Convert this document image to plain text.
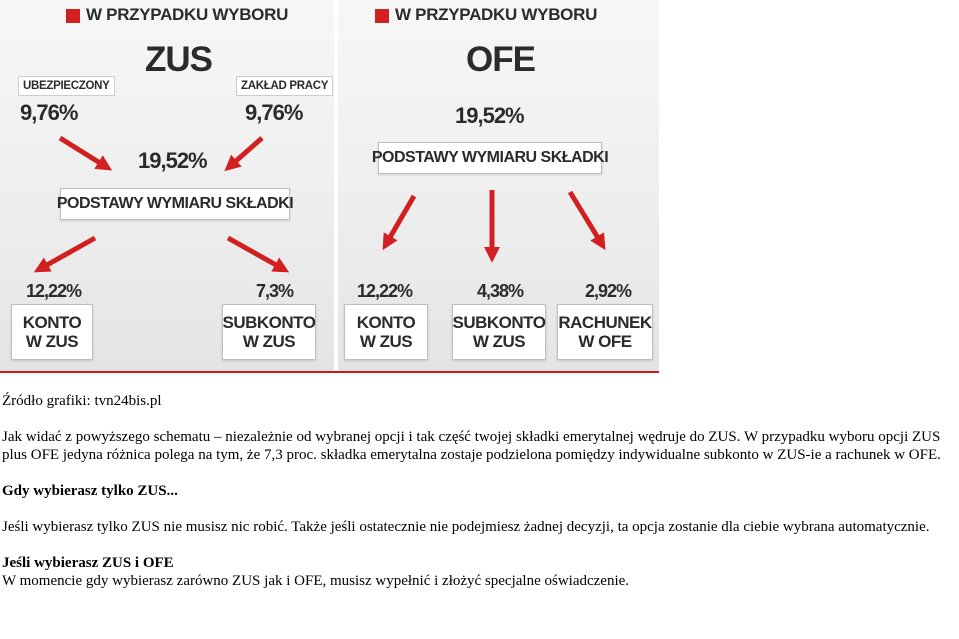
W PRZYPADKU WYBORU
ZUS
UBEZPIECZONY	ZAKŁAD PRACY
9,76%	9,76%
19,52%
PODSTAWY WYMIARU SKŁADKI
12,22%	7,3%
KONTO
W ZUS
SUBKONTO
W ZUS
W PRZYPADKU WYBORU
OFE
19,52%
PODSTAWY WYMIARU SKŁADKI
12,22%	4,38%	2,92%
KONTO
W ZUS
SUBKONTO
W ZUS
RACHUNEK
W OFE

Źródło grafiki: tvn24bis.pl

Jak widać z powyższego schematu – niezależnie od wybranej opcji i tak część twojej składki emerytalnej wędruje do ZUS. W przypadku wyboru opcji ZUS plus OFE jedyna różnica polega na tym, że 7,3 proc. składka emerytalna zostaje podzielona pomiędzy indywidualne subkonto w ZUS-ie a rachunek w OFE.

Gdy wybierasz tylko ZUS...

Jeśli wybierasz tylko ZUS nie musisz nic robić. Także jeśli ostatecznie nie podejmiesz żadnej decyzji, ta opcja zostanie dla ciebie wybrana automatycznie.

Jeśli wybierasz ZUS i OFE

W momencie gdy wybierasz zarówno ZUS jak i OFE, musisz wypełnić i złożyć specjalne oświadczenie.
